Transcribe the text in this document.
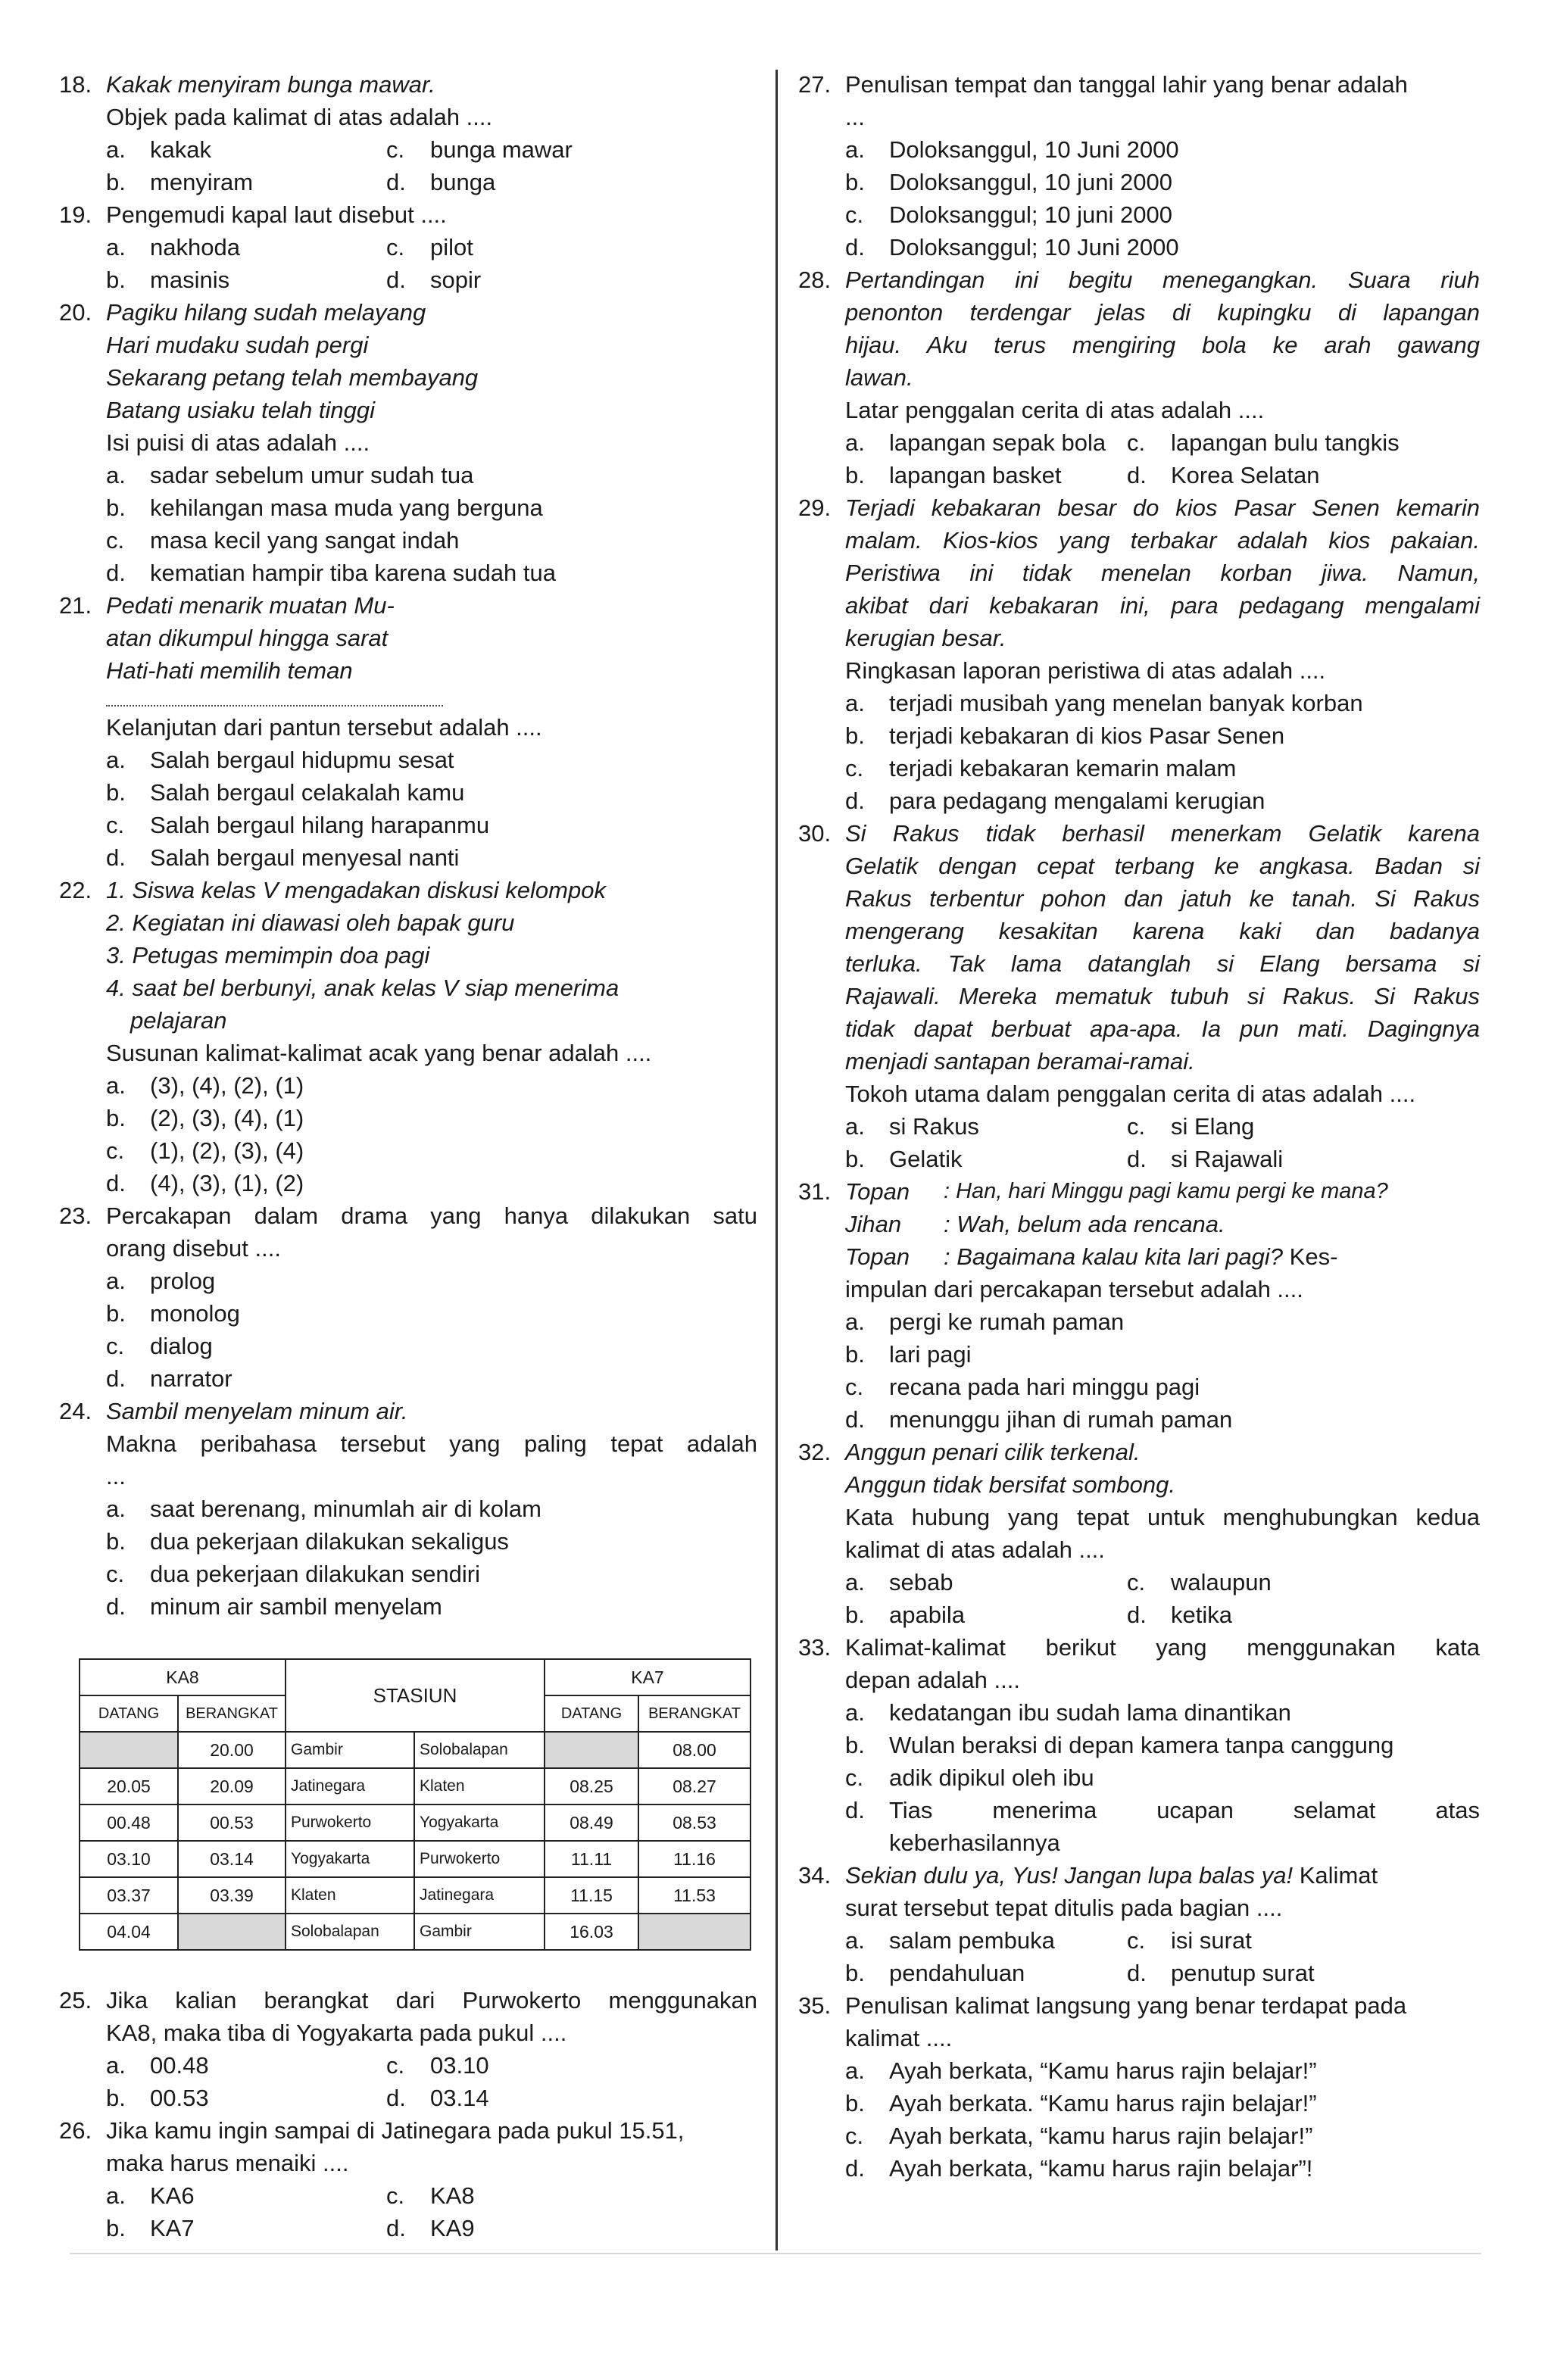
18. Kakak menyiram bunga mawar.
Objek pada kalimat di atas adalah ....
a.	kakak	c.	bunga mawar
b.	menyiram	d.	bunga
19. Pengemudi kapal laut disebut ....
a.	nakhoda	c.	pilot
b.	masinis	d.	sopir
20. Pagiku hilang sudah melayang
Hari mudaku sudah pergi
Sekarang petang telah membayang
Batang usiaku telah tinggi
Isi puisi di atas adalah ....
a.	sadar sebelum umur sudah tua
b.	kehilangan masa muda yang berguna
c.	masa kecil yang sangat indah
d.	kematian hampir tiba karena sudah tua
21. Pedati menarik muatan Mu-
atan dikumpul hingga sarat
Hati-hati memilih teman
Kelanjutan dari pantun tersebut adalah ....
a.	Salah bergaul hidupmu sesat
b.	Salah bergaul celakalah kamu
c.	Salah bergaul hilang harapanmu
d.	Salah bergaul menyesal nanti
22. 1. Siswa kelas V mengadakan diskusi kelompok
2. Kegiatan ini diawasi oleh bapak guru
3. Petugas memimpin doa pagi
4. saat bel berbunyi, anak kelas V siap menerima
pelajaran
Susunan kalimat-kalimat acak yang benar adalah ....
a.	(3), (4), (2), (1)
b.	(2), (3), (4), (1)
c.	(1), (2), (3), (4)
d.	(4), (3), (1), (2)
23. Percakapan dalam drama yang hanya dilakukan satu
orang disebut ....
a.	prolog
b.	monolog
c.	dialog
d.	narrator
24. Sambil menyelam minum air.
Makna peribahasa tersebut yang paling tepat adalah
...
a.	saat berenang, minumlah air di kolam
b.	dua pekerjaan dilakukan sekaligus
c.	dua pekerjaan dilakukan sendiri
d.	minum air sambil menyelam
25. Jika kalian berangkat dari Purwokerto menggunakan
KA8, maka tiba di Yogyakarta pada pukul ....
a.	00.48	c.	03.10
b.	00.53	d.	03.14
26. Jika kamu ingin sampai di Jatinegara pada pukul 15.51,
maka harus menaiki ....
a.	KA6	c.	KA8
b.	KA7	d.	KA9
KA8		STASIUN		KA7	
DATANG	BERANGKAT			DATANG	BERANGKAT
	20.00	Gambir	Solobalapan		08.00
20.05	20.09	Jatinegara	Klaten	08.25	08.27
00.48	00.53	Purwokerto	Yogyakarta	08.49	08.53
03.10	03.14	Yogyakarta	Purwokerto	11.11	11.16
03.37	03.39	Klaten	Jatinegara	11.15	11.53
04.04		Solobalapan	Gambir	16.03	
27. Penulisan tempat dan tanggal lahir yang benar adalah
...
a.	Doloksanggul, 10 Juni 2000
b.	Doloksanggul, 10 juni 2000
c.	Doloksanggul; 10 juni 2000
d.	Doloksanggul; 10 Juni 2000
28. Pertandingan ini begitu menegangkan. Suara riuh
penonton terdengar jelas di kupingku di lapangan
hijau. Aku terus mengiring bola ke arah gawang
lawan.
Latar penggalan cerita di atas adalah ....
a.	lapangan sepak bola c.	lapangan bulu tangkis
b.	lapangan basket	d.	Korea Selatan
29. Terjadi kebakaran besar do kios Pasar Senen kemarin
malam. Kios-kios yang terbakar adalah kios pakaian.
Peristiwa ini tidak menelan korban jiwa. Namun,
akibat dari kebakaran ini, para pedagang mengalami
kerugian besar.
Ringkasan laporan peristiwa di atas adalah ....
a.	terjadi musibah yang menelan banyak korban
b.	terjadi kebakaran di kios Pasar Senen
c.	terjadi kebakaran kemarin malam
d.	para pedagang mengalami kerugian
30. Si Rakus tidak berhasil menerkam Gelatik karena
Gelatik dengan cepat terbang ke angkasa. Badan si
Rakus terbentur pohon dan jatuh ke tanah. Si Rakus
mengerang kesakitan karena kaki dan badanya
terluka. Tak lama datanglah si Elang bersama si
Rajawali. Mereka mematuk tubuh si Rakus. Si Rakus
tidak dapat berbuat apa-apa. Ia pun mati. Dagingnya
menjadi santapan beramai-ramai.
Tokoh utama dalam penggalan cerita di atas adalah ....
a.	si Rakus	c.	si Elang
b.	Gelatik	d.	si Rajawali
31. Topan	: Han, hari Minggu pagi kamu pergi ke mana?
Jihan : Wah, belum ada rencana.
Topan : Bagaimana kalau kita lari pagi? Kes-
impulan dari percakapan tersebut adalah ....
a.	pergi ke rumah paman
b.	lari pagi
c.	recana pada hari minggu pagi
d.	menunggu jihan di rumah paman
32. Anggun penari cilik terkenal.
Anggun tidak bersifat sombong.
Kata hubung yang tepat untuk menghubungkan kedua
kalimat di atas adalah ....
a.	sebab	c.	walaupun
b.	apabila	d.	ketika
33. Kalimat-kalimat berikut yang menggunakan kata
depan adalah ....
a.	kedatangan ibu sudah lama dinantikan
b.	Wulan beraksi di depan kamera tanpa canggung
c.	adik dipikul oleh ibu
d.	Tias menerima ucapan selamat atas
keberhasilannya
34. Sekian dulu ya, Yus! Jangan lupa balas ya! Kalimat
surat tersebut tepat ditulis pada bagian ....
a.	salam pembuka	c.	isi surat
b.	pendahuluan	d.	penutup surat
35. Penulisan kalimat langsung yang benar terdapat pada
kalimat ....
a.	Ayah berkata, “Kamu harus rajin belajar!”
b.	Ayah berkata. “Kamu harus rajin belajar!”
c.	Ayah berkata, “kamu harus rajin belajar!”
d.	Ayah berkata, “kamu harus rajin belajar”!
